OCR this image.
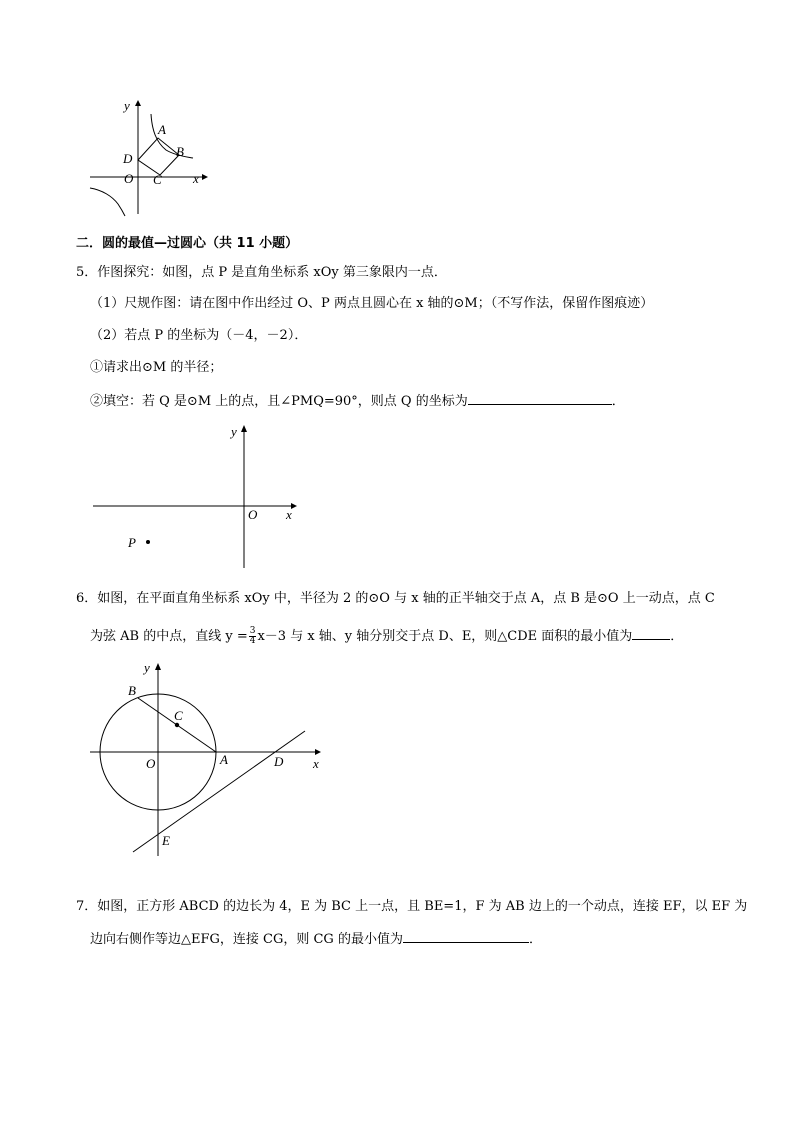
y
A
B
D
O C x
二．圆的最值—过圆心（共 11 小题）
5．作图探究：如图，点 P 是直角坐标系 xOy 第三象限内一点．
（1）尺规作图：请在图中作出经过 O、P 两点且圆心在 x 轴的⊙M；（不写作法，保留作图痕迹）
（2）若点 P 的坐标为（－4，－2）．
①请求出⊙M 的半径；
②填空：若 Q 是⊙M 上的点，且∠PMQ=90°，则点 Q 的坐标为	．
y
O x
P
6．如图，在平面直角坐标系 xOy 中，半径为 2 的⊙O 与 x 轴的正半轴交于点 A，点 B 是⊙O 上一动点，点 C
为弦 AB 的中点，直线 $y = \frac{3}{4} x-3$ 与 x 轴、y 轴分别交于点 D、E，则△CDE 面积的最小值为	．
y
B
C
O	A	D x
E
7．如图，正方形 ABCD 的边长为 4，E 为 BC 上一点，且 BE=1，F 为 AB 边上的一个动点，连接 EF，以 EF 为
边向右侧作等边△EFG，连接 CG，则 CG 的最小值为	．
